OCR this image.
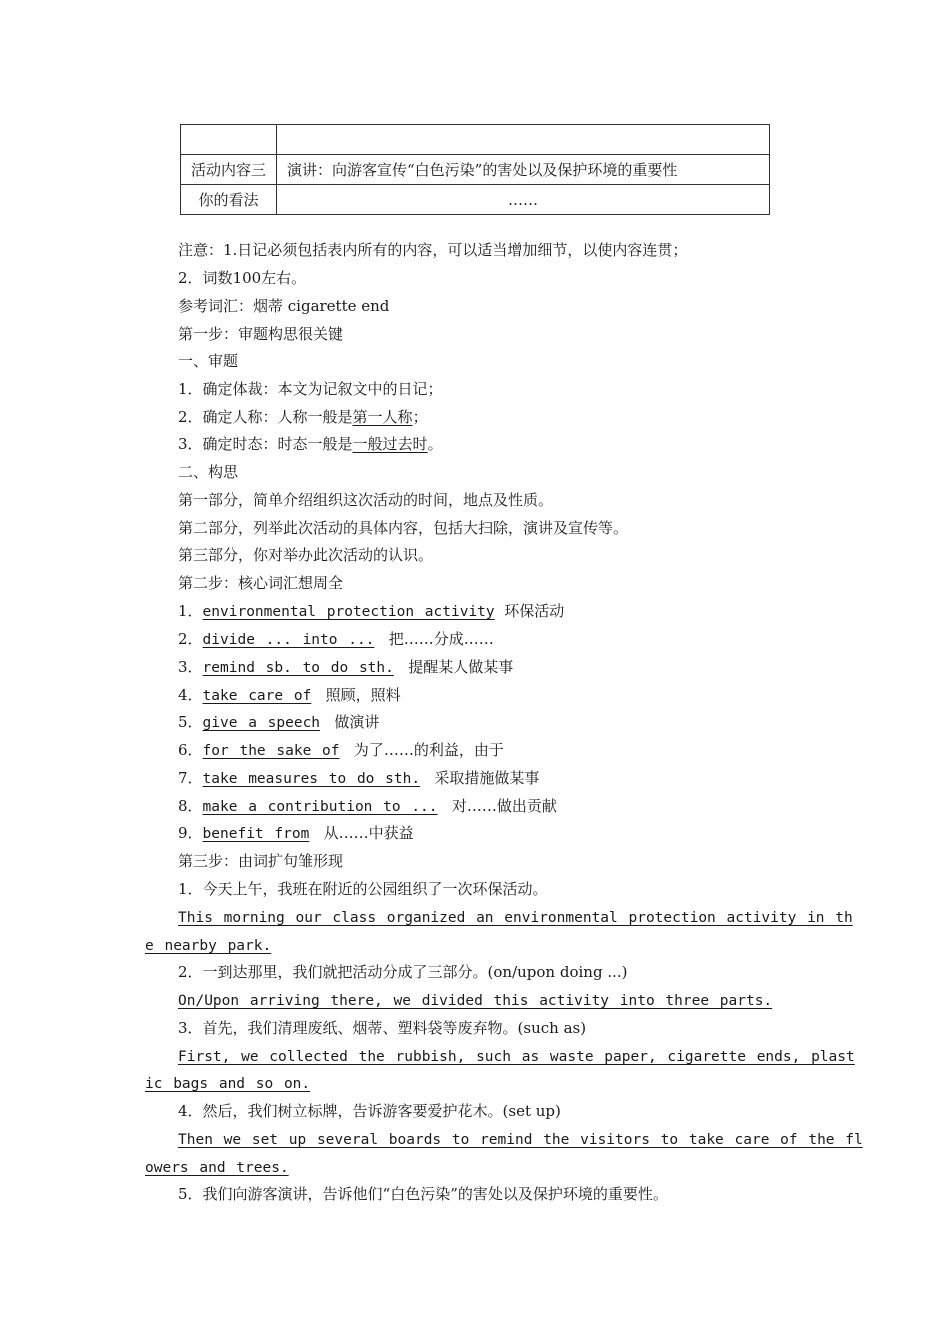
活动内容三	演讲：向游客宣传“白色污染”的害处以及保护环境的重要性
你的看法	……
注意：1.日记必须包括表内所有的内容，可以适当增加细节，以使内容连贯；
2．词数100左右。
参考词汇：烟蒂 cigarette end
第一步：审题构思很关键
一、审题
1．确定体裁：本文为记叙文中的日记；
2．确定人称：人称一般是第一人称；
3．确定时态：时态一般是一般过去时。
二、构思
第一部分，简单介绍组织这次活动的时间，地点及性质。
第二部分，列举此次活动的具体内容，包括大扫除，演讲及宣传等。
第三部分，你对举办此次活动的认识。
第二步：核心词汇想周全
1．environmental protection activity 环保活动
2．divide ... into ... 把……分成……
3．remind sb. to do sth. 提醒某人做某事
4．take care of 照顾，照料
5．give a speech 做演讲
6．for the sake of 为了……的利益，由于
7．take measures to do sth. 采取措施做某事
8．make a contribution to ... 对……做出贡献
9．benefit from 从……中获益
第三步：由词扩句雏形现
1．今天上午，我班在附近的公园组织了一次环保活动。
This morning our class organized an environmental protection activity in th
e nearby park.
2．一到达那里，我们就把活动分成了三部分。(on/upon doing ...)
On/Upon arriving there, we divided this activity into three parts.
3．首先，我们清理废纸、烟蒂、塑料袋等废弃物。(such as)
First, we collected the rubbish, such as waste paper, cigarette ends, plast
ic bags and so on.
4．然后，我们树立标牌，告诉游客要爱护花木。(set up)
Then we set up several boards to remind the visitors to take care of the fl
owers and trees.
5．我们向游客演讲，告诉他们“白色污染”的害处以及保护环境的重要性。
